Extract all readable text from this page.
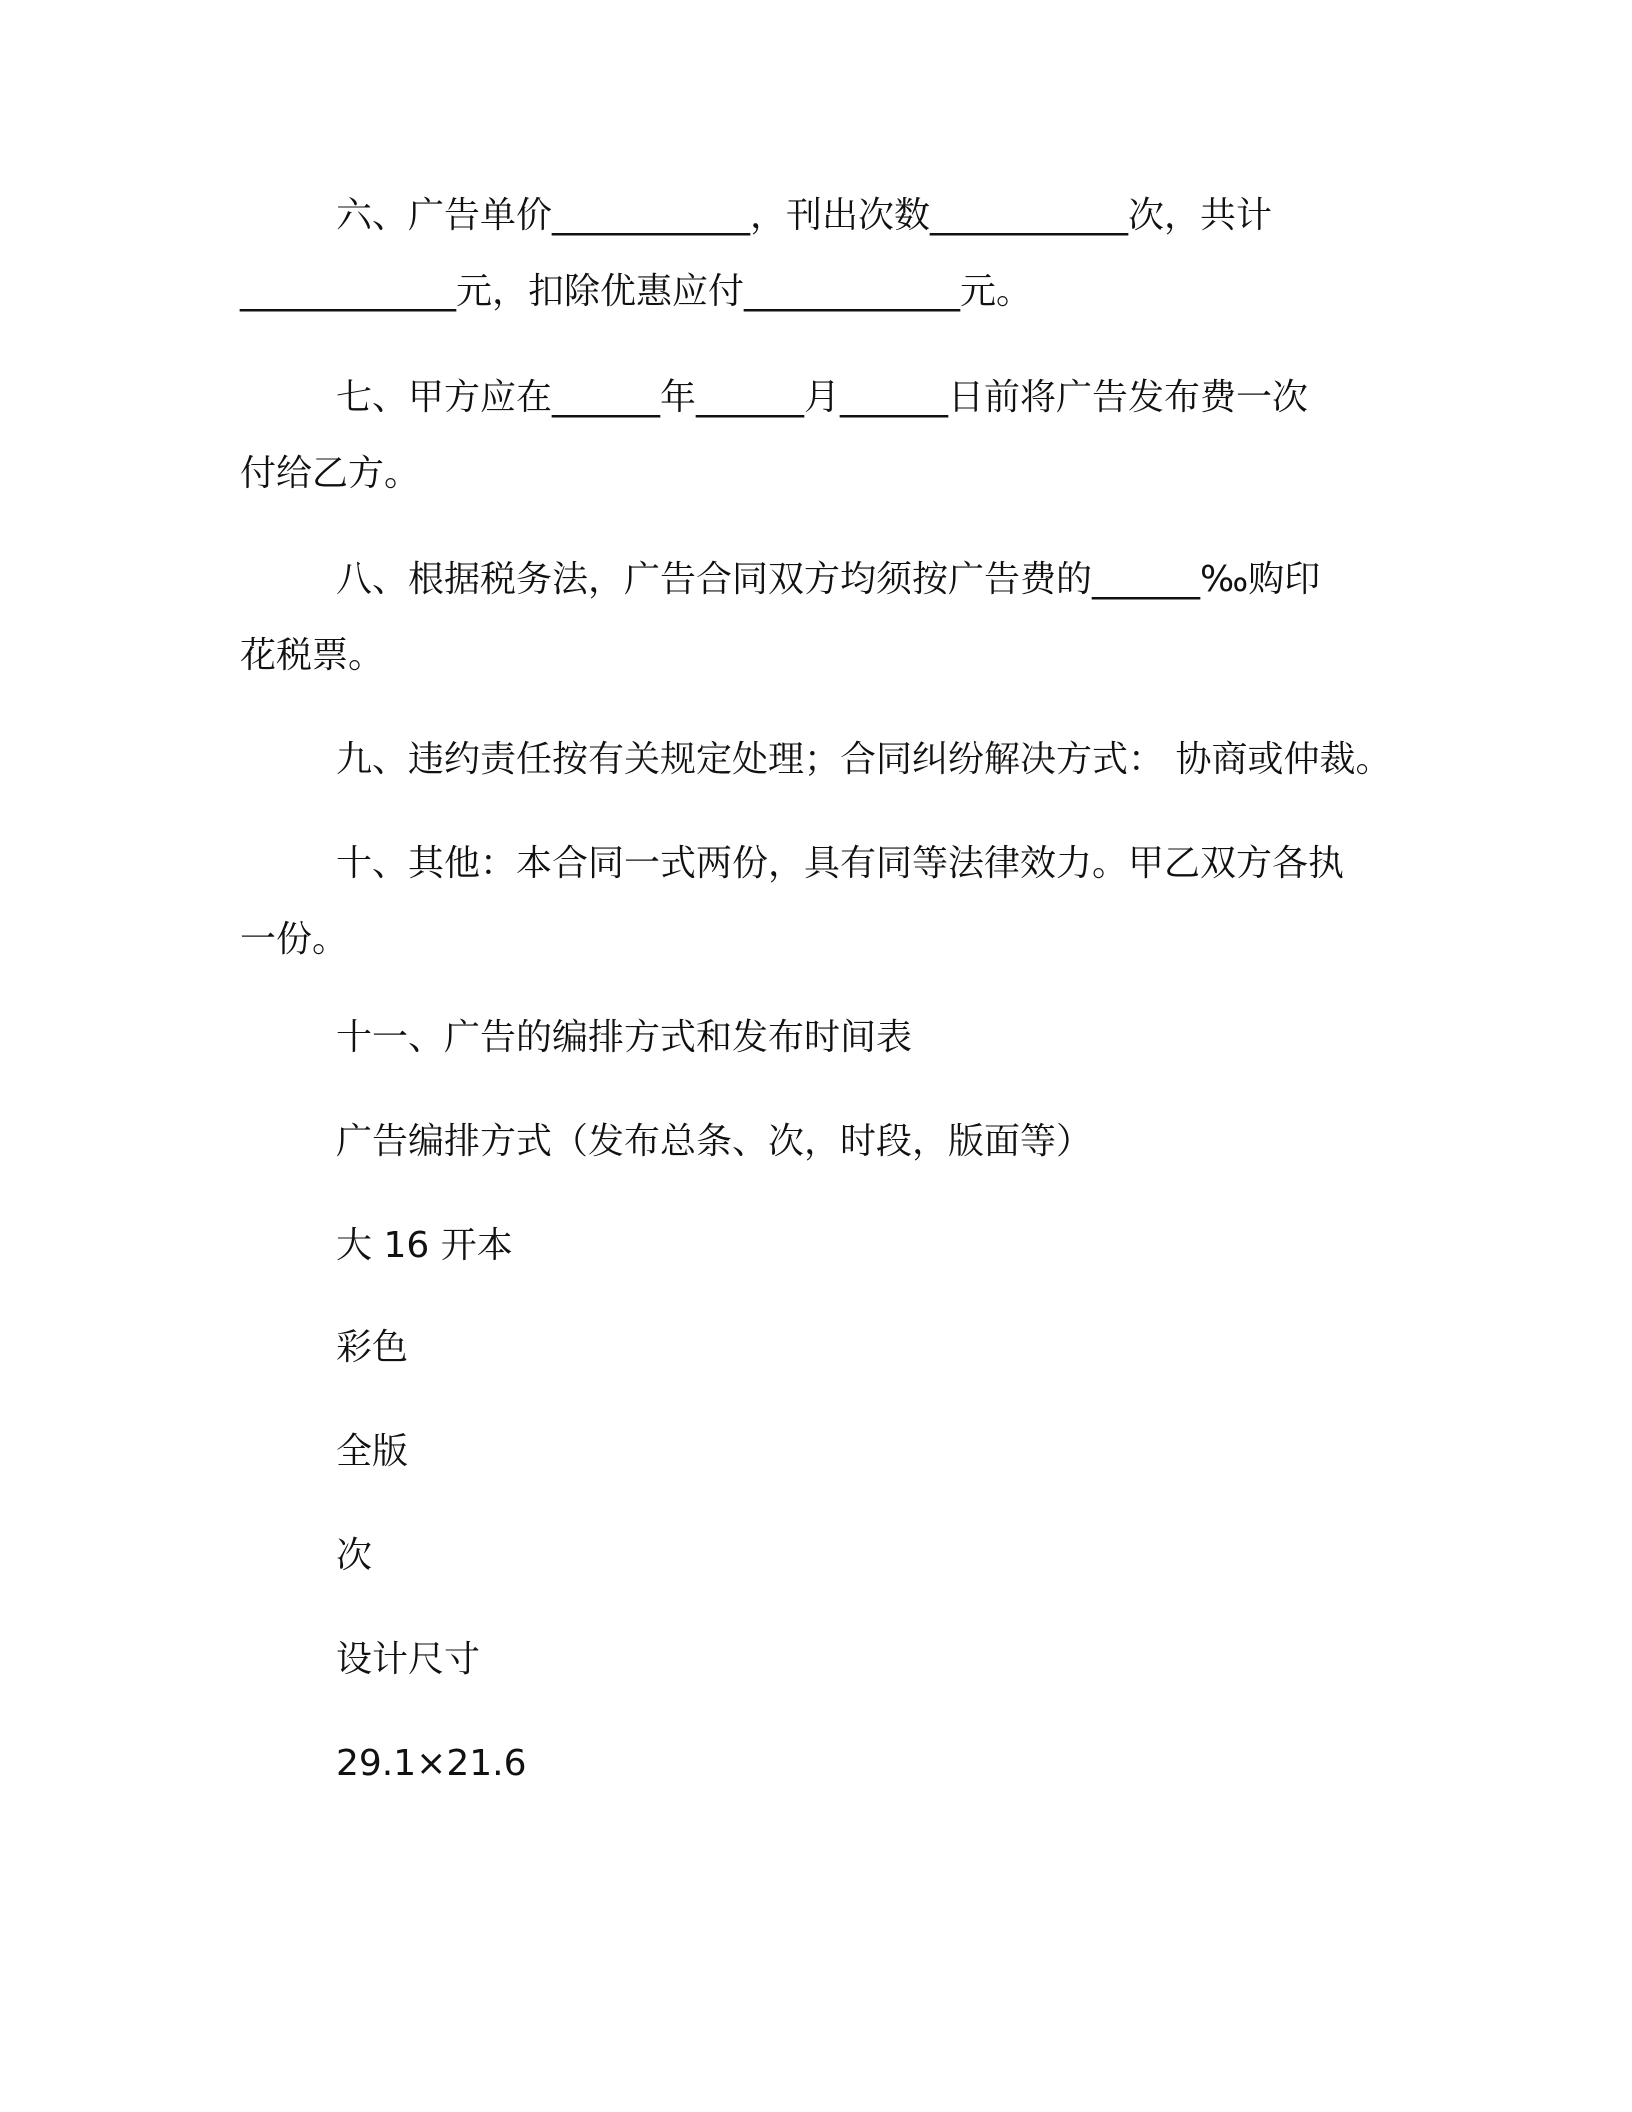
六、广告单价___________，刊出次数___________次，共计
____________元，扣除优惠应付____________元。
七、甲方应在______年______月______日前将广告发布费一次
付给乙方。
八、根据税务法，广告合同双方均须按广告费的______‰购印
花税票。
九、违约责任按有关规定处理；合同纠纷解决方式： 协商或仲裁。
十、其他：本合同一式两份，具有同等法律效力。甲乙双方各执
一份。
十一、广告的编排方式和发布时间表
广告编排方式（发布总条、次，时段，版面等）
大 16 开本
彩色
全版
次
设计尺寸
29.1×21.6
